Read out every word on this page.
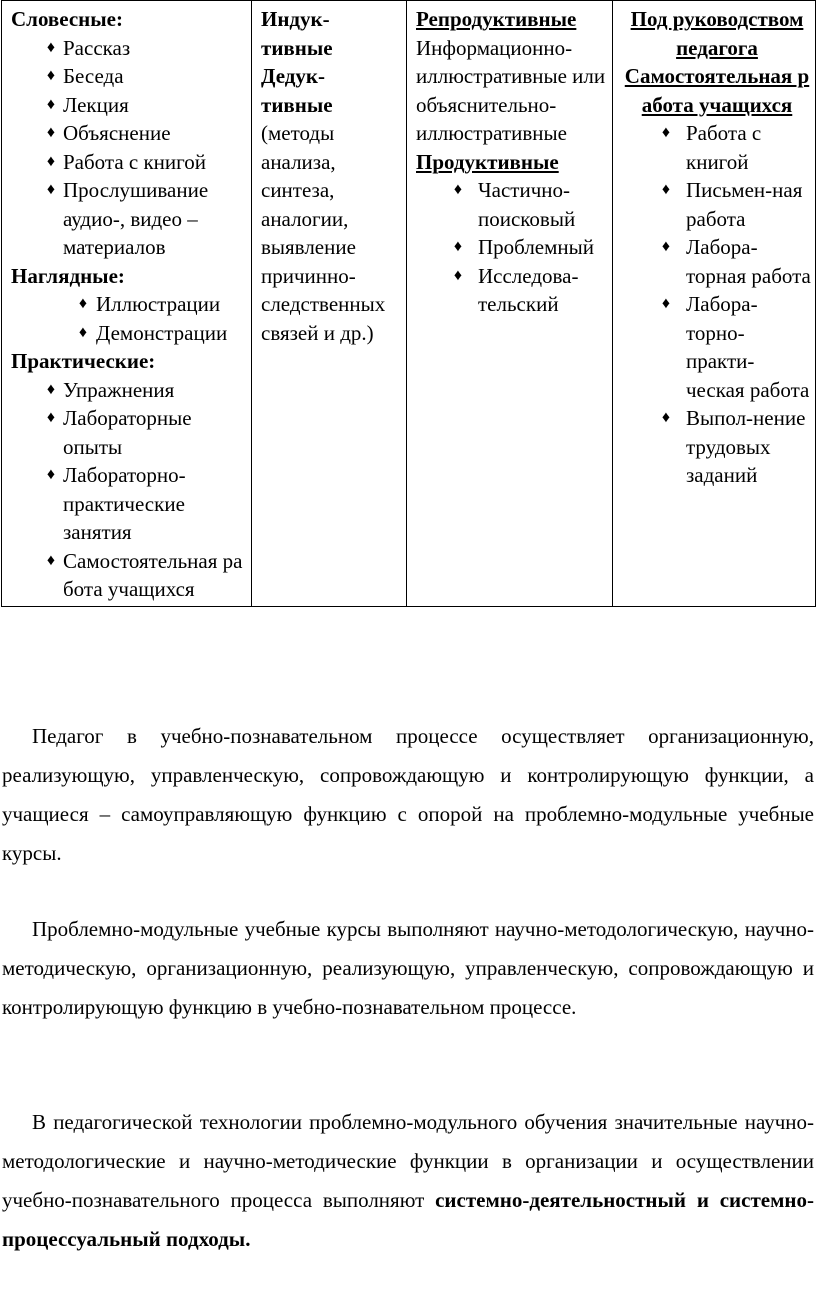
Словесные:
♦ Рассказ
♦ Беседа
♦ Лекция
♦ Объяснение
♦ Работа с книгой
♦ Прослушивание аудио-, видео – материалов
Наглядные:
♦ Иллюстрации
♦ Демонстрации
Практические:
♦ Упражнения
♦ Лабораторные опыты
♦ Лабораторно-практические занятия
♦ Самостоятельная работа учащихся

Индук-тивные
Дедук-тивные
(методы анализа, синтеза, аналогии, выявление причинно-следственных связей и др.)

Репродуктивные
Информационно-иллюстративные или объяснительно-иллюстративные
Продуктивные
♦ Частично-поисковый
♦ Проблемный
♦ Исследова-тельский

Под руководством педагога
Самостоятельная работа учащихся
♦ Работа с книгой
♦ Письмен-ная работа
♦ Лабора-торная работа
♦ Лабора-торно-практи-ческая работа
♦ Выпол-нение трудовых заданий

Педагог в учебно-познавательном процессе осуществляет организационную, реализующую, управленческую, сопровождающую и контролирующую функции, а учащиеся – самоуправляющую функцию с опорой на проблемно-модульные учебные курсы.

Проблемно-модульные учебные курсы выполняют научно-методологическую, научно-методическую, организационную, реализующую, управленческую, сопровождающую и контролирующую функцию в учебно-познавательном процессе.

В педагогической технологии проблемно-модульного обучения значительные научно-методологические и научно-методические функции в организации и осуществлении учебно-познавательного процесса выполняют системно-деятельностный и системно-процессуальный подходы.
